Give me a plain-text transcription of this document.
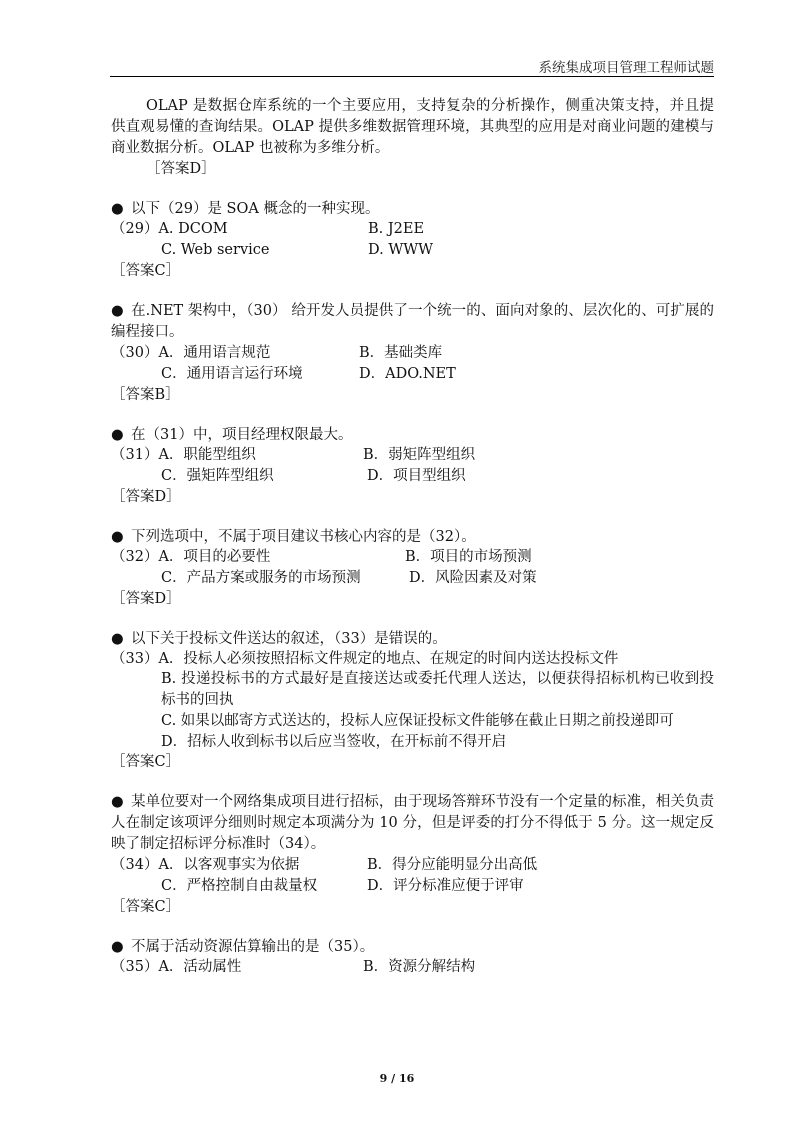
系统集成项目管理工程师试题
OLAP 是数据仓库系统的一个主要应用，支持复杂的分析操作，侧重决策支持，并且提供直观易懂的查询结果。OLAP 提供多维数据管理环境，其典型的应用是对商业问题的建模与商业数据分析。OLAP 也被称为多维分析。
［答案D］
● 以下（29）是 SOA 概念的一种实现。
（29）A. DCOM	B. J2EE
C. Web service	D. WWW
［答案C］
● 在.NET 架构中，（30） 给开发人员提供了一个统一的、面向对象的、层次化的、可扩展的编程接口。
（30）A．通用语言规范	B．基础类库
C．通用语言运行环境	D．ADO.NET
［答案B］
● 在（31）中，项目经理权限最大。
（31）A．职能型组织	B．弱矩阵型组织
C．强矩阵型组织	D．项目型组织
［答案D］
● 下列选项中，不属于项目建议书核心内容的是（32）。
（32）A．项目的必要性	B．项目的市场预测
C．产品方案或服务的市场预测	D．风险因素及对策
［答案D］
● 以下关于投标文件送达的叙述，（33）是错误的。
（33）A．投标人必须按照招标文件规定的地点、在规定的时间内送达投标文件
B. 投递投标书的方式最好是直接送达或委托代理人送达，以便获得招标机构已收到投标书的回执
C. 如果以邮寄方式送达的，投标人应保证投标文件能够在截止日期之前投递即可
D．招标人收到标书以后应当签收，在开标前不得开启
［答案C］
● 某单位要对一个网络集成项目进行招标，由于现场答辩环节没有一个定量的标准，相关负责人在制定该项评分细则时规定本项满分为 10 分，但是评委的打分不得低于 5 分。这一规定反映了制定招标评分标准时（34）。
（34）A．以客观事实为依据	B．得分应能明显分出高低
C．严格控制自由裁量权	D．评分标准应便于评审
［答案C］
● 不属于活动资源估算输出的是（35）。
（35）A．活动属性	B．资源分解结构
9 / 16
